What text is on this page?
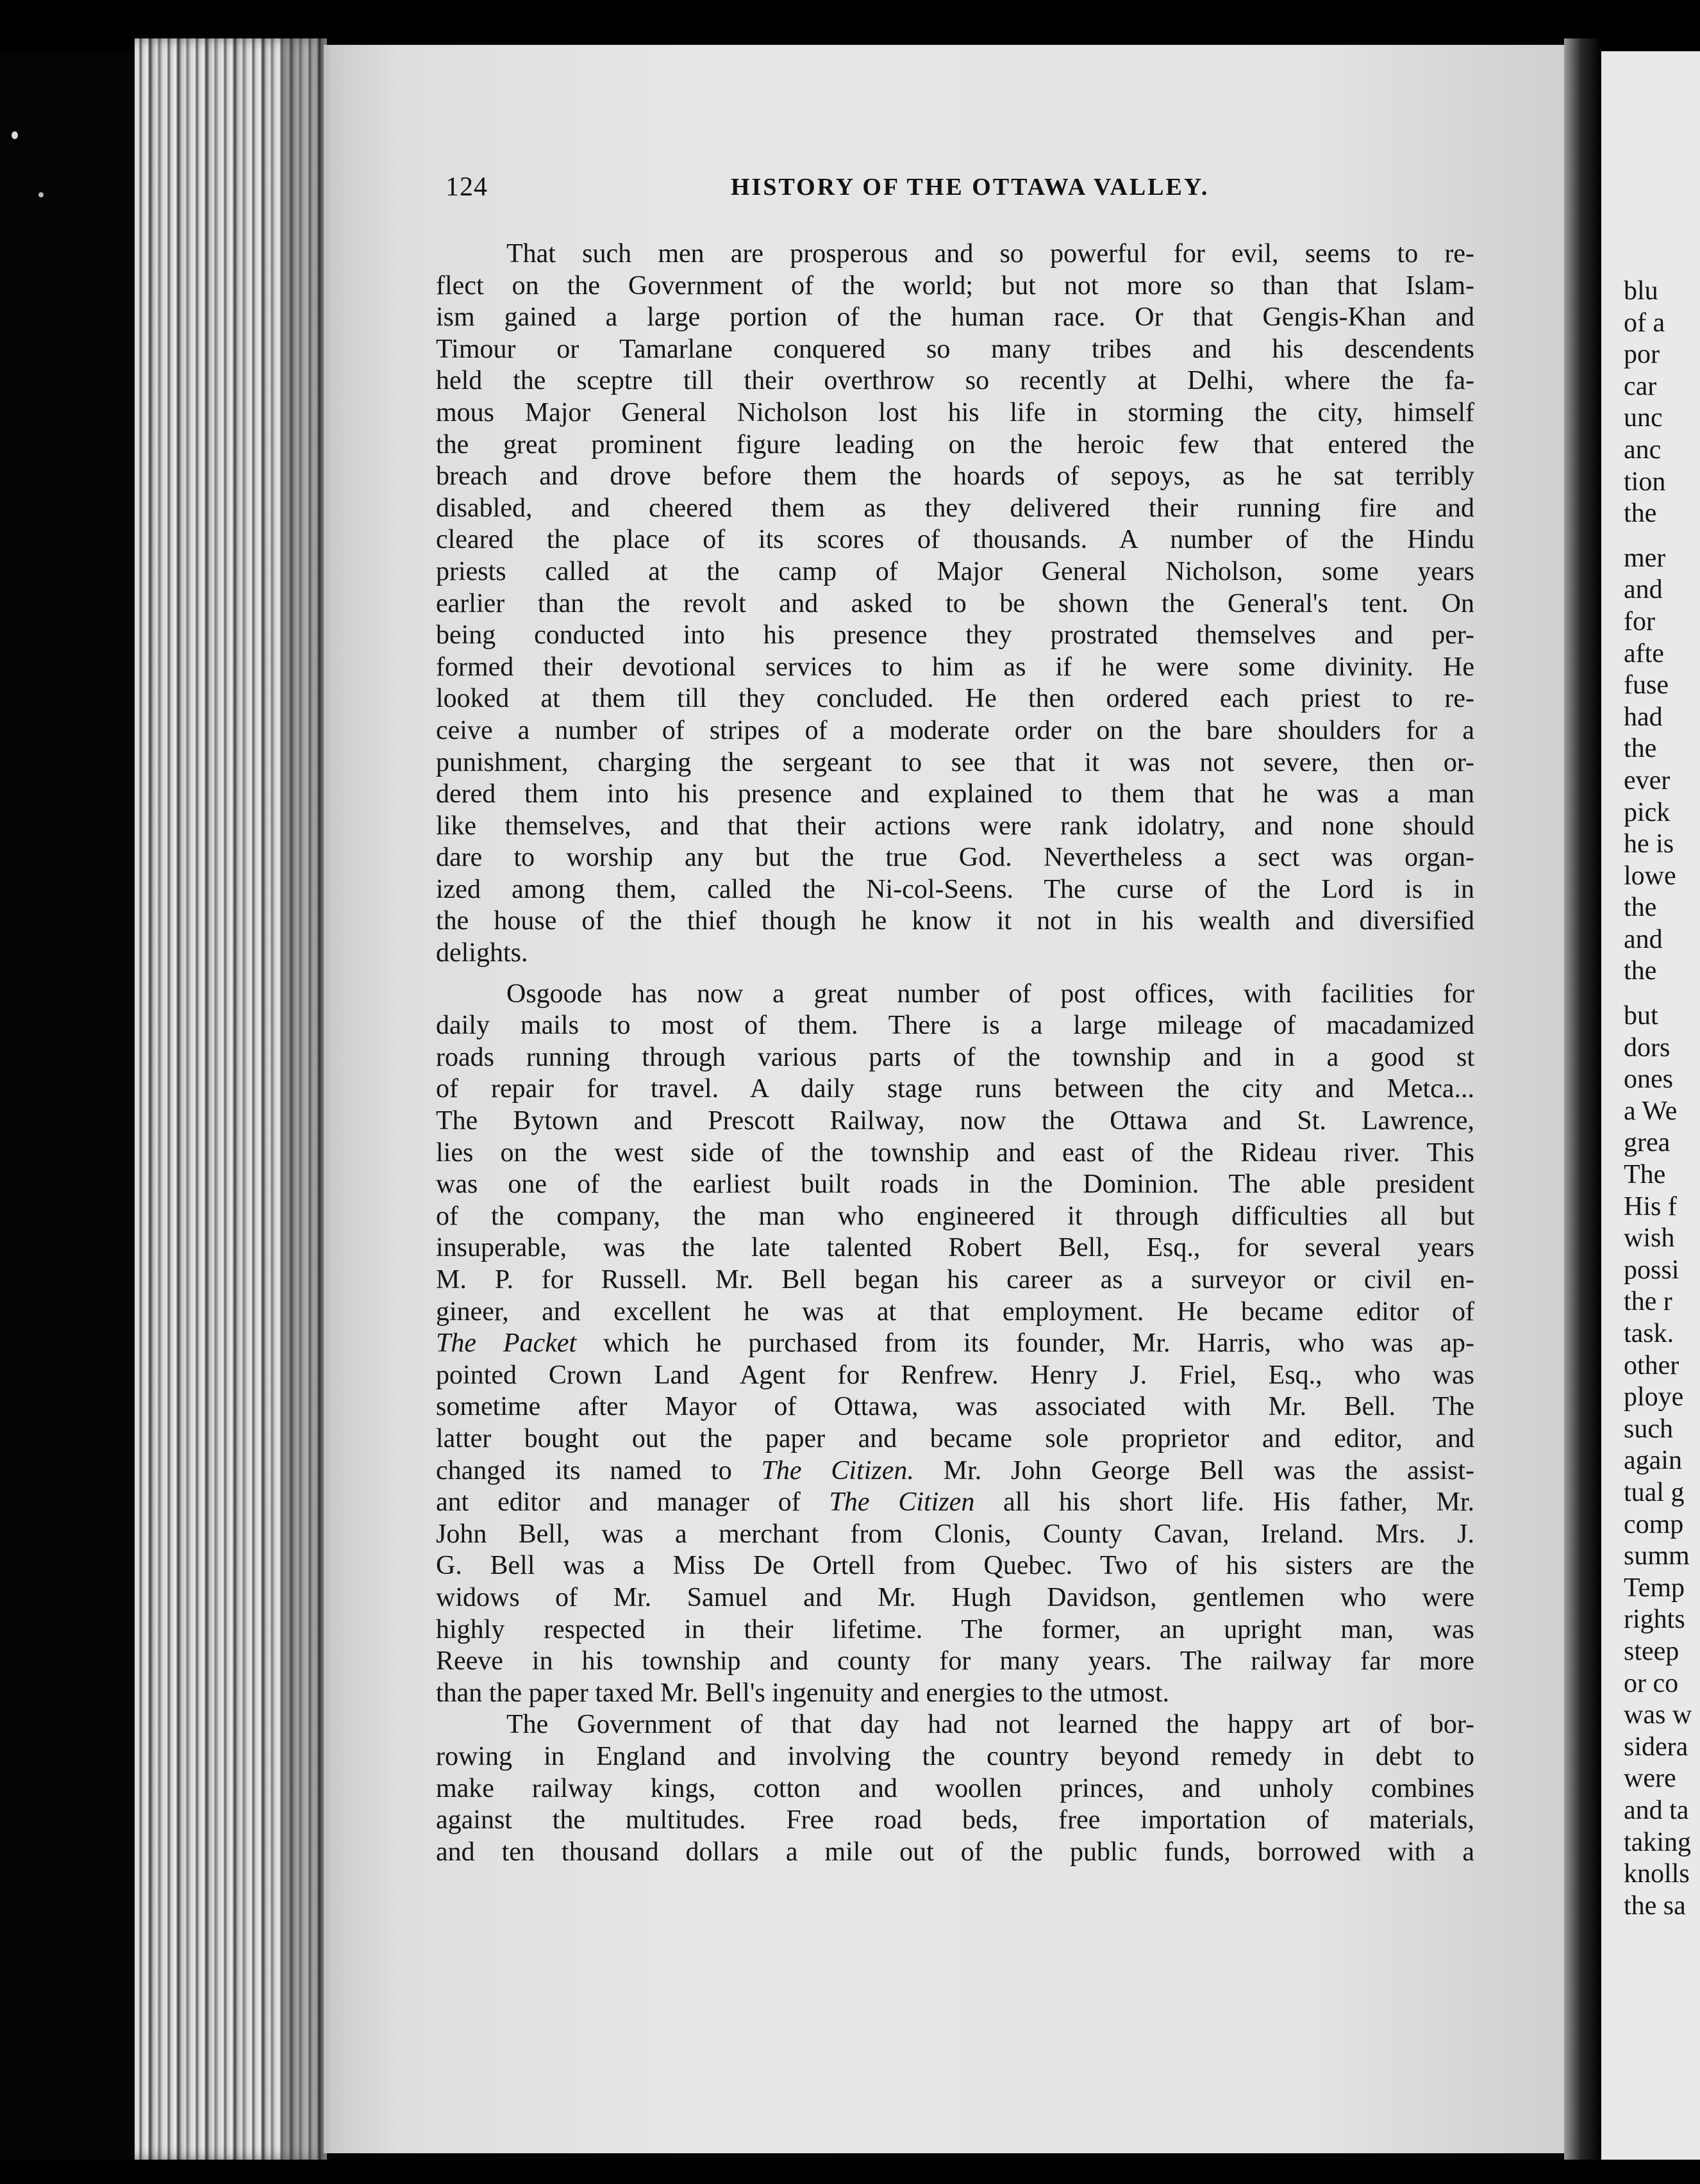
124	HISTORY OF THE OTTAWA VALLEY.
That such men are prosperous and so powerful for evil, seems to re-
flect on the Government of the world; but not more so than that Islam-
ism gained a large portion of the human race. Or that Gengis-Khan and
Timour or Tamarlane conquered so many tribes and his descendents
held the sceptre till their overthrow so recently at Delhi, where the fa-
mous Major General Nicholson lost his life in storming the city, himself
the great prominent figure leading on the heroic few that entered the
breach and drove before them the hoards of sepoys, as he sat terribly
disabled, and cheered them as they delivered their running fire and
cleared the place of its scores of thousands. A number of the Hindu
priests called at the camp of Major General Nicholson, some years
earlier than the revolt and asked to be shown the General's tent. On
being conducted into his presence they prostrated themselves and per-
formed their devotional services to him as if he were some divinity. He
looked at them till they concluded. He then ordered each priest to re-
ceive a number of stripes of a moderate order on the bare shoulders for a
punishment, charging the sergeant to see that it was not severe, then or-
dered them into his presence and explained to them that he was a man
like themselves, and that their actions were rank idolatry, and none should
dare to worship any but the true God. Nevertheless a sect was organ-
ized among them, called the Ni-col-Seens. The curse of the Lord is in
the house of the thief though he know it not in his wealth and diversified
delights.
Osgoode has now a great number of post offices, with facilities for
daily mails to most of them. There is a large mileage of macadamized
roads running through various parts of the township and in a good st
of repair for travel. A daily stage runs between the city and Metca...
The Bytown and Prescott Railway, now the Ottawa and St. Lawrence,
lies on the west side of the township and east of the Rideau river. This
was one of the earliest built roads in the Dominion. The able president
of the company, the man who engineered it through difficulties all but
insuperable, was the late talented Robert Bell, Esq., for several years
M. P. for Russell. Mr. Bell began his career as a surveyor or civil en-
gineer, and excellent he was at that employment. He became editor of
The Packet which he purchased from its founder, Mr. Harris, who was ap-
pointed Crown Land Agent for Renfrew. Henry J. Friel, Esq., who was
sometime after Mayor of Ottawa, was associated with Mr. Bell. The
latter bought out the paper and became sole proprietor and editor, and
changed its named to The Citizen. Mr. John George Bell was the assist-
ant editor and manager of The Citizen all his short life. His father, Mr.
John Bell, was a merchant from Clonis, County Cavan, Ireland. Mrs. J.
G. Bell was a Miss De Ortell from Quebec. Two of his sisters are the
widows of Mr. Samuel and Mr. Hugh Davidson, gentlemen who were
highly respected in their lifetime. The former, an upright man, was
Reeve in his township and county for many years. The railway far more
than the paper taxed Mr. Bell's ingenuity and energies to the utmost.
The Government of that day had not learned the happy art of bor-
rowing in England and involving the country beyond remedy in debt to
make railway kings, cotton and woollen princes, and unholy combines
against the multitudes. Free road beds, free importation of materials,
and ten thousand dollars a mile out of the public funds, borrowed with a
blu
of a
por
car
unc
anc
tion
the
mer
and
for
afte
fuse
had
the
ever
pick
he is
lowe
the
and
the
but
dors
ones
a We
grea
The
His f
wish
possi
the r
task.
other
ploye
such
again
tual g
comp
summ
Temp
rights
steep
or co
was w
sidera
were
and ta
taking
knolls
the sa
